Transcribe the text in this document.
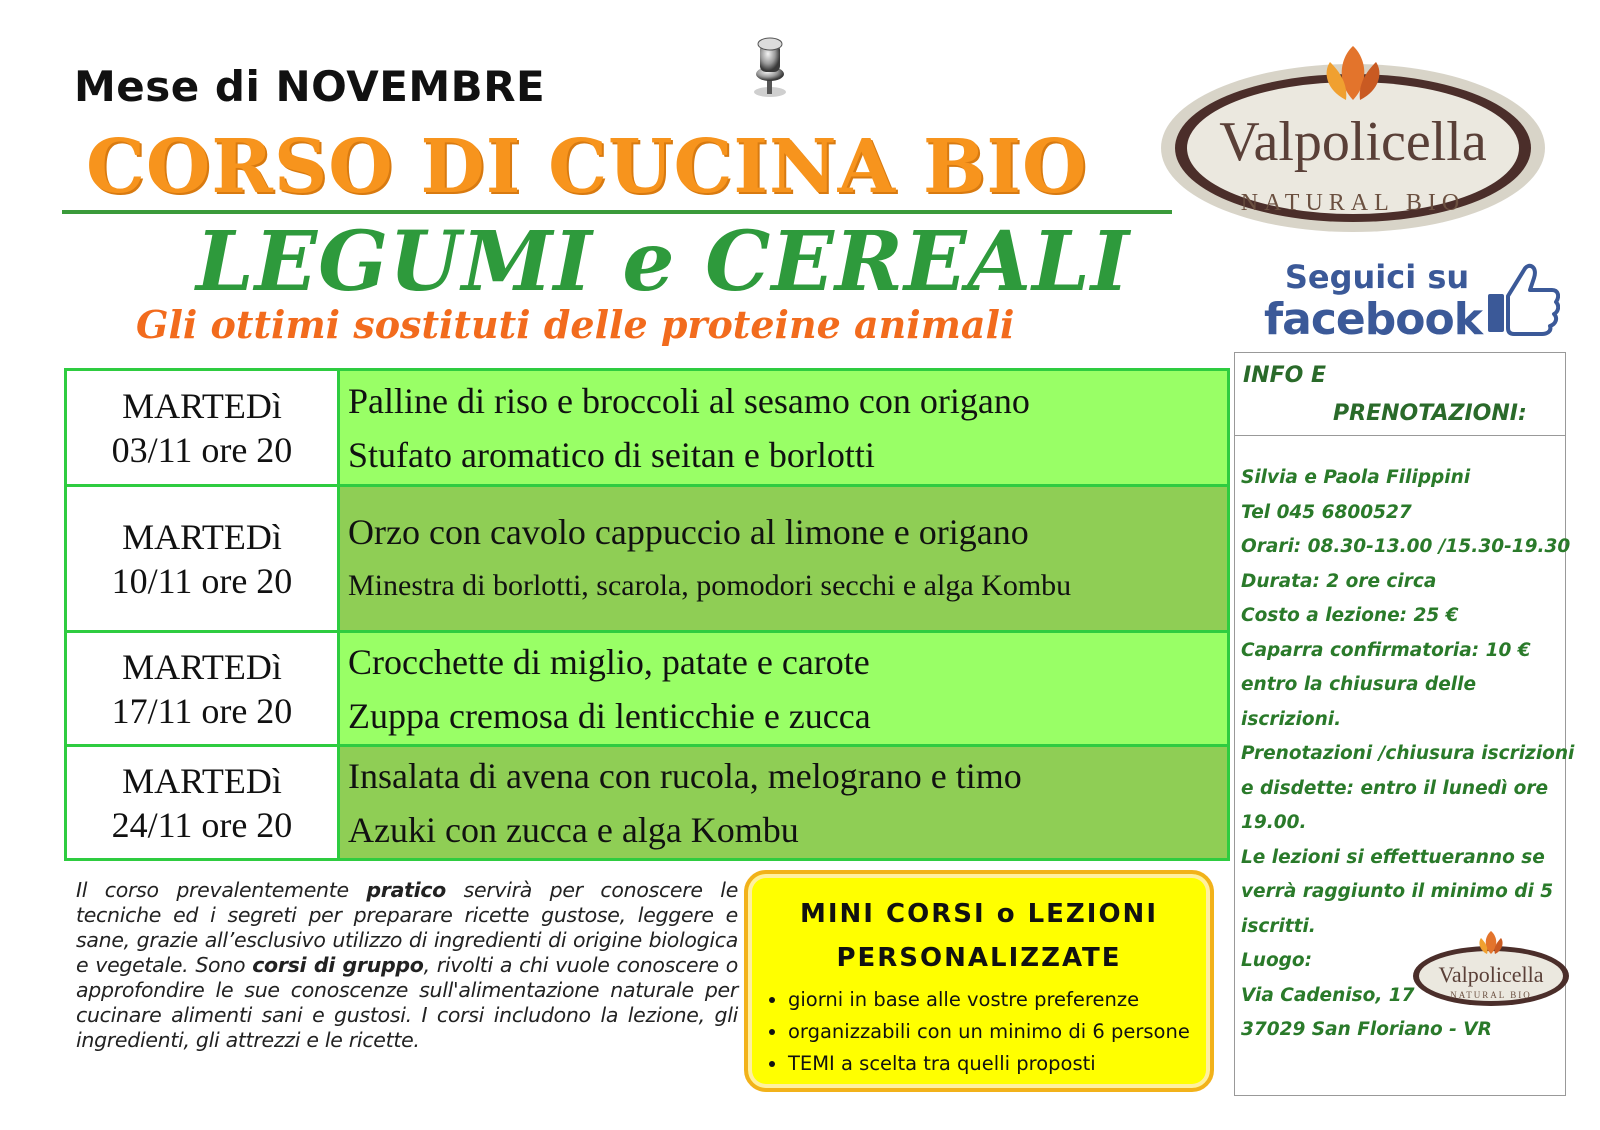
Mese di NOVEMBRE
CORSO DI CUCINA BIO
LEGUMI e CEREALI
Gli ottimi sostituti delle proteine animali
Valpolicella
NATURAL BIO
Seguici su
facebook
MARTEDì
03/11 ore 20
Palline di riso e broccoli al sesamo con origano
Stufato aromatico di seitan e borlotti
MARTEDì
10/11 ore 20
Orzo con cavolo cappuccio al limone e origano
Minestra di borlotti, scarola, pomodori secchi e alga Kombu
MARTEDì
17/11 ore 20
Crocchette di miglio, patate e carote
Zuppa cremosa di lenticchie e zucca
MARTEDì
24/11 ore 20
Insalata di avena con rucola, melograno e timo
Azuki con zucca e alga Kombu
Il corso prevalentemente pratico servirà per conoscere le tecniche ed i segreti per preparare ricette gustose, leggere e sane, grazie all’esclusivo utilizzo di ingredienti di origine biologica e vegetale. Sono corsi di gruppo, rivolti a chi vuole conoscere o approfondire le sue conoscenze sull'alimentazione naturale per cucinare alimenti sani e gustosi. I corsi includono la lezione, gli ingredienti, gli attrezzi e le ricette.
MINI CORSI o LEZIONI
PERSONALIZZATE
• giorni in base alle vostre preferenze
• organizzabili con un minimo di 6 persone
• TEMI a scelta tra quelli proposti
INFO E
PRENOTAZIONI:
Silvia e Paola Filippini
Tel 045 6800527
Orari: 08.30-13.00 /15.30-19.30
Durata: 2 ore circa
Costo a lezione: 25 €
Caparra confirmatoria: 10 €
entro la chiusura delle
iscrizioni.
Prenotazioni /chiusura iscrizioni
e disdette: entro il lunedì ore
19.00.
Le lezioni si effettueranno se
verrà raggiunto il minimo di 5
iscritti.
Luogo:
Via Cadeniso, 17
37029 San Floriano - VR
Valpolicella
NATURAL BIO
